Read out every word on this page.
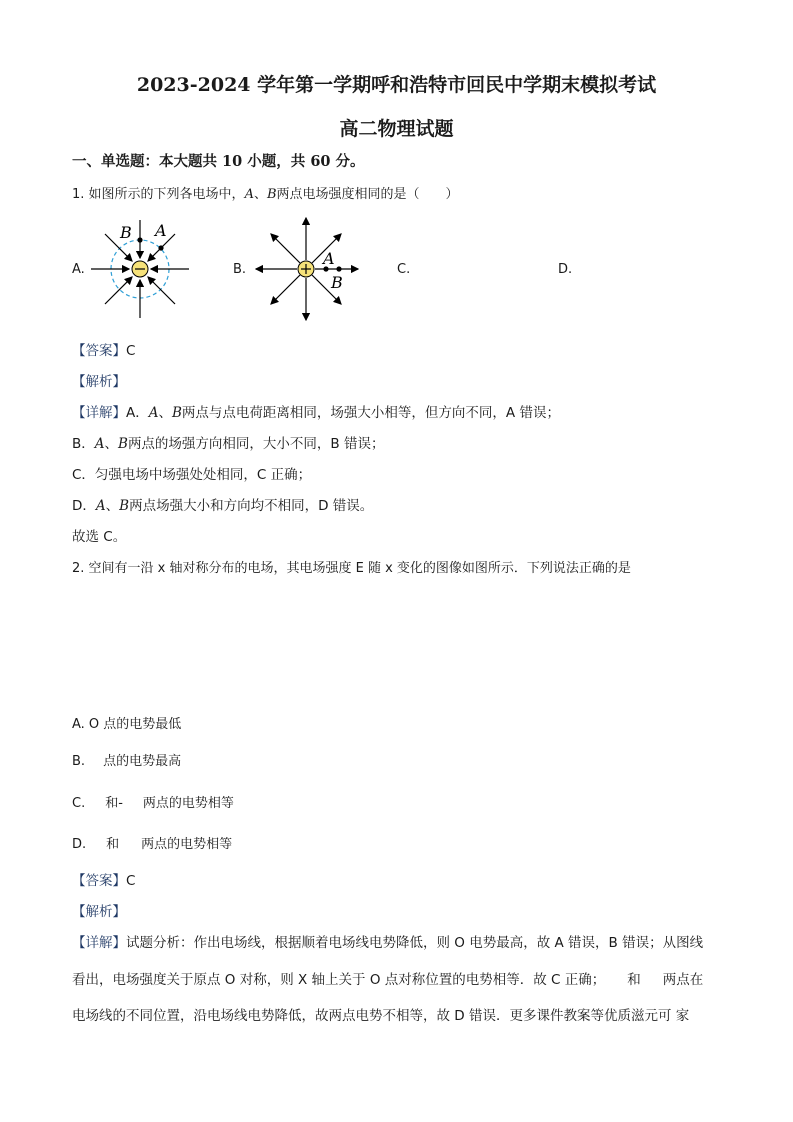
2023-2024 学年第一学期呼和浩特市回民中学期末模拟考试
高二物理试题
一、单选题：本大题共 10 小题，共 60 分。
1. 如图所示的下列各电场中，A、B两点电场强度相同的是（　　）
A.	B.	C.	D.
B A
A
B
【答案】C
【解析】
【详解】A．A、B两点与点电荷距离相同，场强大小相等，但方向不同，A 错误；
B．A、B两点的场强方向相同，大小不同，B 错误；
C．匀强电场中场强处处相同，C 正确；
D．A、B两点场强大小和方向均不相同，D 错误。
故选 C。
2. 空间有一沿 x 轴对称分布的电场，其电场强度 E 随 x 变化的图像如图所示．下列说法正确的是
A. O 点的电势最低
B. 点的电势最高
C. 和- 两点的电势相等
D. 和 两点的电势相等
【答案】C
【解析】
【详解】试题分析：作出电场线，根据顺着电场线电势降低，则 O 电势最高，故 A 错误，B 错误；从图线
看出，电场强度关于原点 O 对称，则 X 轴上关于 O 点对称位置的电势相等．故 C 正确； 和 两点在
电场线的不同位置，沿电场线电势降低，故两点电势不相等，故 D 错误．更多课件教案等优质滋元可 家
